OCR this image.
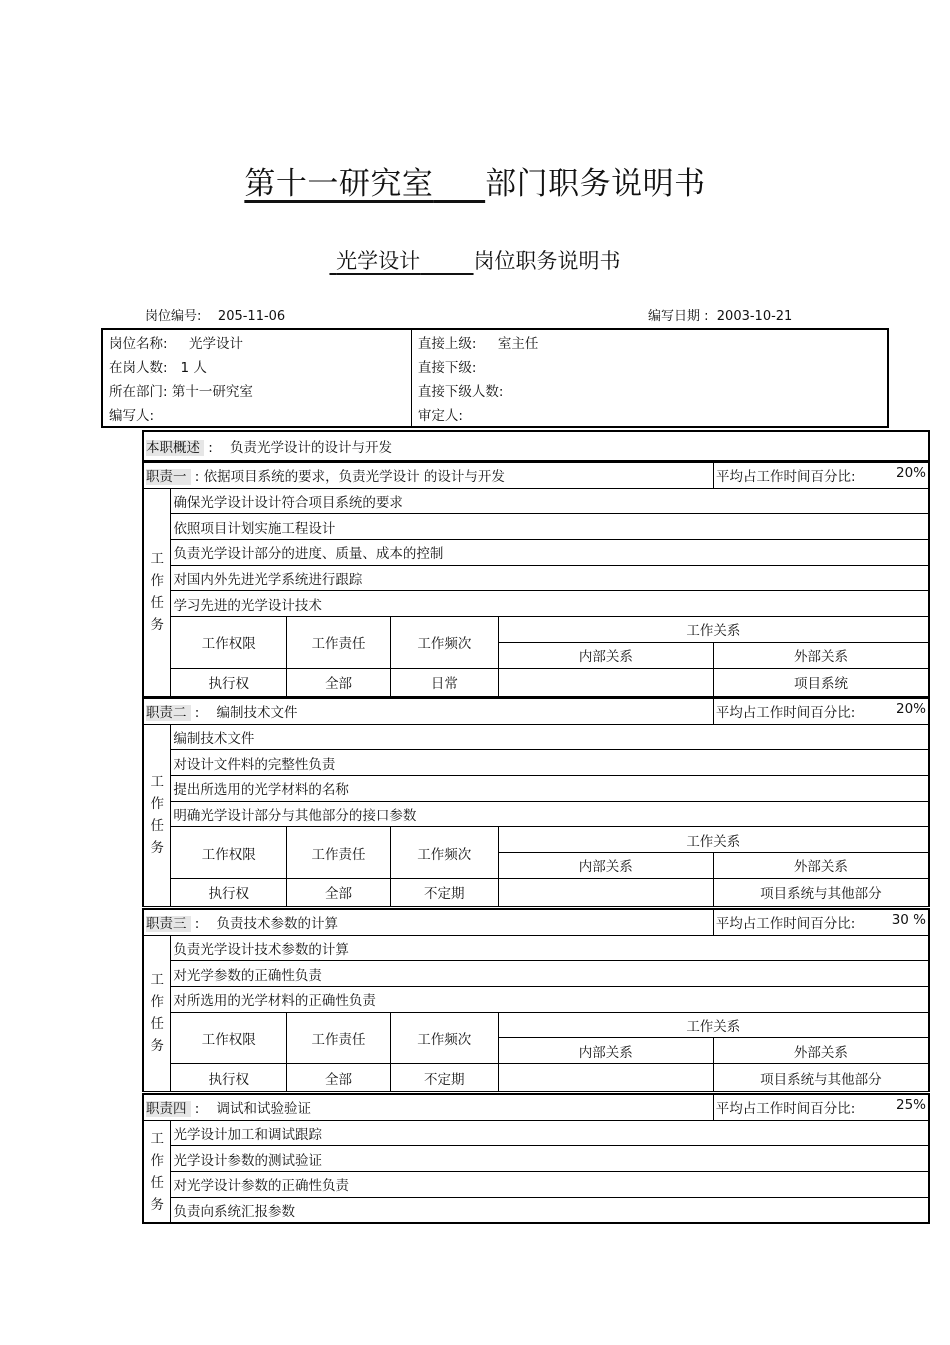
第十一研究室 部门职务说明书
光学设计	岗位职务说明书
岗位编号: 205-11-06	编写日期 : 2003-10-21
岗位名称: 光学设计	直接上级: 室主任
在岗人数: 1 人	直接下级:
所在部门: 第十一研究室	直接下级人数:
编写人:	审定人:
本职概述 :    负责光学设计的设计与开发
职责一 : 依据项目系统的要求，负责光学设计 的设计与开发					平均占工作时间百分比: 20%

工作任务	确保光学设计设计符合项目系统的要求				
	依照项目计划实施工程设计				
	负责光学设计部分的进度、质量、成本的控制				
	对国内外先进光学系统进行跟踪				
	学习先进的光学设计技术				
	工作权限	工作责任	工作频次	工作关系	
				内部关系	外部关系
	执行权	全部	日常		项目系统
职责二 :    编制技术文件					平均占工作时间百分比: 20%

工作任务	编制技术文件				
	对设计文件料的完整性负责				
	提出所选用的光学材料的名称				
	明确光学设计部分与其他部分的接口参数				
	工作权限	工作责任	工作频次	工作关系	
				内部关系	外部关系
	执行权	全部	不定期		项目系统与其他部分
职责三 :    负责技术参数的计算					平均占工作时间百分比: 30 %

工作任务	负责光学设计技术参数的计算				
	对光学参数的正确性负责				
	对所选用的光学材料的正确性负责				
	工作权限	工作责任	工作频次	工作关系	
				内部关系	外部关系
	执行权	全部	不定期		项目系统与其他部分
职责四 :    调试和试验验证		平均占工作时间百分比: 25%

工作任务	光学设计加工和调试跟踪	
	光学设计参数的测试验证	
	对光学设计参数的正确性负责	
	负责向系统汇报参数	
